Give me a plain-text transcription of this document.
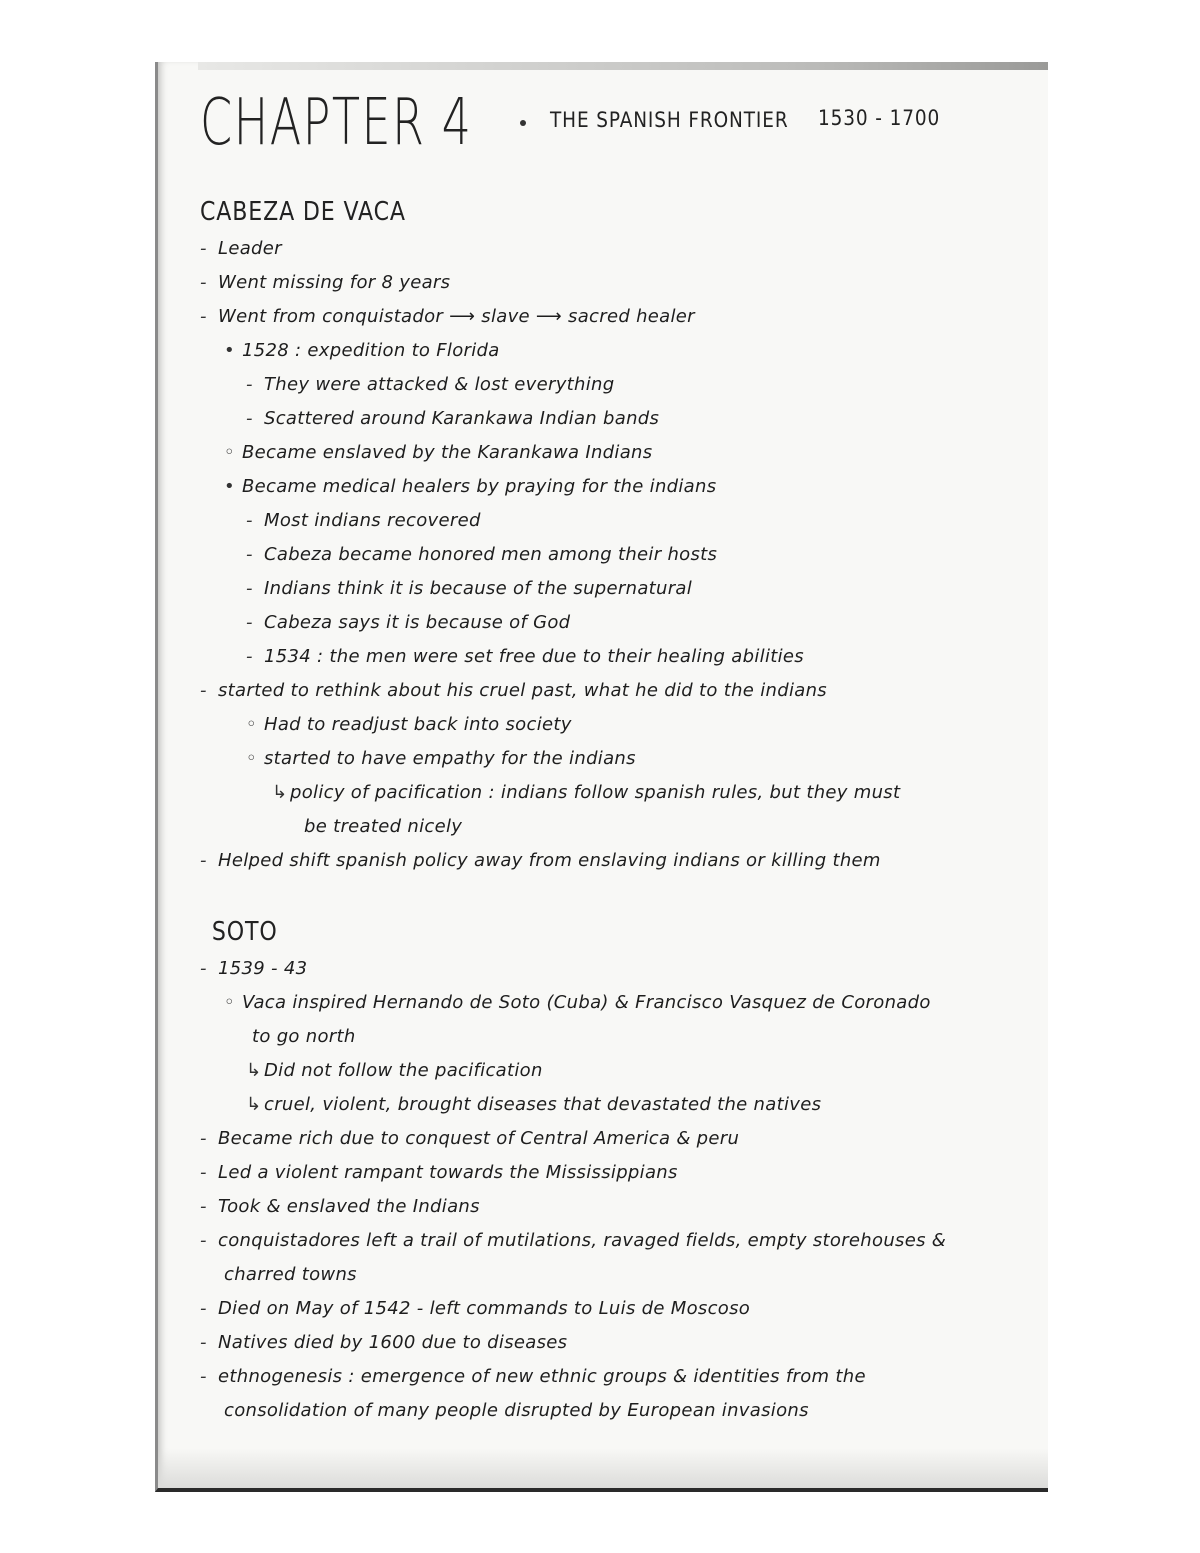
CHAPTER 4	THE SPANISH FRONTIER 1530 - 1700
CABEZA DE VACA
- Leader
- Went missing for 8 years
- Went from conquistador ⟶ slave ⟶ sacred healer
• 1528 : expedition to Florida
- They were attacked & lost everything
- Scattered around Karankawa Indian bands
◦ Became enslaved by the Karankawa Indians
• Became medical healers by praying for the indians
- Most indians recovered
- Cabeza became honored men among their hosts
- Indians think it is because of the supernatural
- Cabeza says it is because of God
- 1534 : the men were set free due to their healing abilities
- started to rethink about his cruel past, what he did to the indians
◦ Had to readjust back into society
◦ started to have empathy for the indians
↳ policy of pacification : indians follow spanish rules, but they must
be treated nicely
- Helped shift spanish policy away from enslaving indians or killing them
SOTO
- 1539 - 43
◦ Vaca inspired Hernando de Soto (Cuba) & Francisco Vasquez de Coronado
to go north
↳ Did not follow the pacification
↳ cruel, violent, brought diseases that devastated the natives
- Became rich due to conquest of Central America & peru
- Led a violent rampant towards the Mississippians
- Took & enslaved the Indians
- conquistadores left a trail of mutilations, ravaged fields, empty storehouses &
charred towns
- Died on May of 1542 - left commands to Luis de Moscoso
- Natives died by 1600 due to diseases
- ethnogenesis : emergence of new ethnic groups & identities from the
consolidation of many people disrupted by European invasions
